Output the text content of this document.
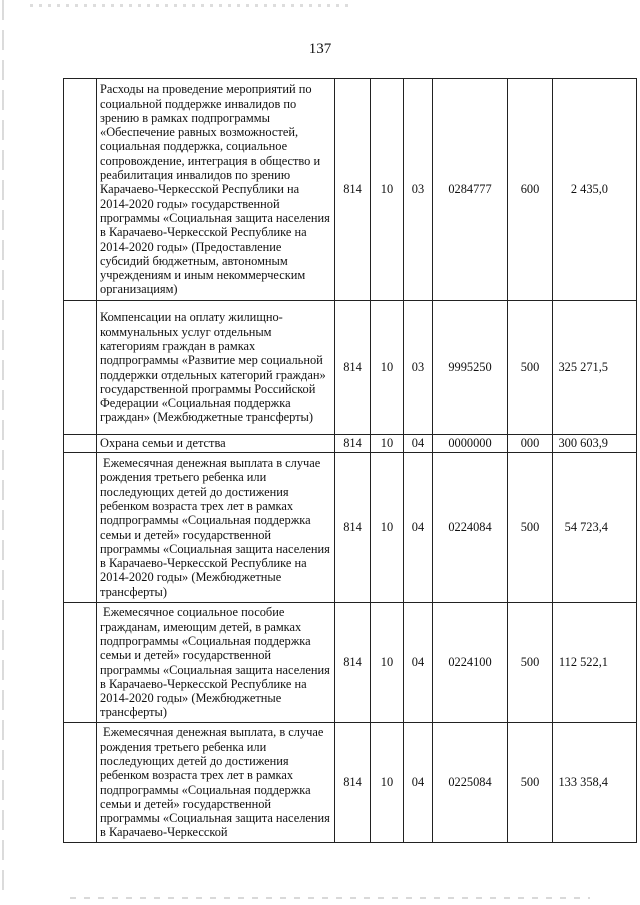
137
	Расходы на проведение мероприятий по социальной поддержке инвалидов по зрению в рамках подпрограммы «Обеспечение равных возможностей, социальная поддержка, социальное сопровождение, интеграция в общество и реабилитация инвалидов по зрению Карачаево-Черкесской Республики на 2014-2020 годы» государственной программы «Социальная защита населения в Карачаево-Черкесской Республике на 2014-2020 годы» (Предоставление субсидий бюджетным, автономным учреждениям и иным некоммерческим организациям)	814	10	03	0284777	600	2 435,0
	Компенсации на оплату жилищно-коммунальных услуг отдельным категориям граждан в рамках подпрограммы «Развитие мер социальной поддержки отдельных категорий граждан» государственной программы Российской Федерации «Социальная поддержка граждан» (Межбюджетные трансферты)	814	10	03	9995250	500	325 271,5
	Охрана семьи и детства	814	10	04	0000000	000	300 603,9
	Ежемесячная денежная выплата в случае рождения третьего ребенка или последующих детей до достижения ребенком возраста трех лет в рамках подпрограммы «Социальная поддержка семьи и детей» государственной программы «Социальная защита населения в Карачаево-Черкесской Республике на 2014-2020 годы» (Межбюджетные трансферты)	814	10	04	0224084	500	54 723,4
	Ежемесячное социальное пособие гражданам, имеющим детей, в рамках подпрограммы «Социальная поддержка семьи и детей» государственной программы «Социальная защита населения в Карачаево-Черкесской Республике на 2014-2020 годы» (Межбюджетные трансферты)	814	10	04	0224100	500	112 522,1
	Ежемесячная денежная выплата, в случае рождения третьего ребенка или последующих детей до достижения ребенком возраста трех лет в рамках подпрограммы «Социальная поддержка семьи и детей» государственной программы «Социальная защита населения в Карачаево-Черкесской	814	10	04	0225084	500	133 358,4
